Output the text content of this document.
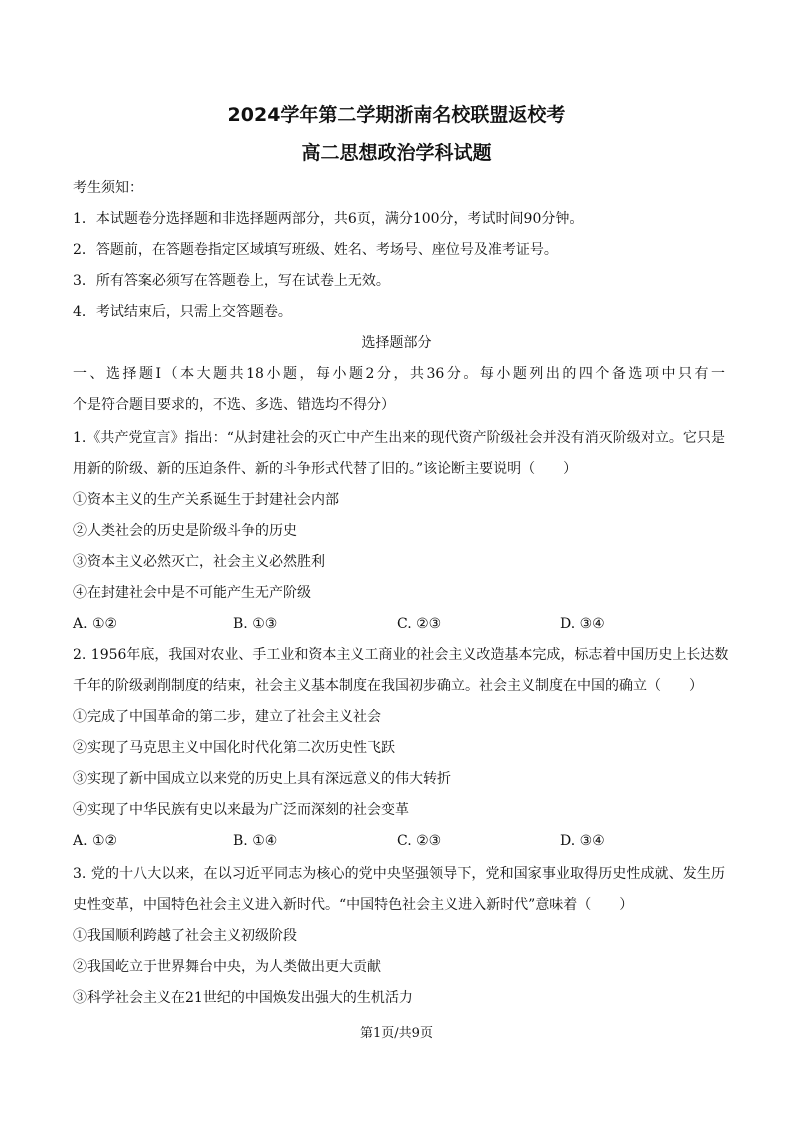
2024学年第二学期浙南名校联盟返校考
高二思想政治学科试题
考生须知：
1．本试题卷分选择题和非选择题两部分，共6页，满分100分，考试时间90分钟。
2．答题前，在答题卷指定区域填写班级、姓名、考场号、座位号及准考证号。
3．所有答案必须写在答题卷上，写在试卷上无效。
4．考试结束后，只需上交答题卷。
选择题部分
一、选择题Ⅰ（本大题共18小题，每小题2分，共36分。每小题列出的四个备选项中只有一
个是符合题目要求的，不选、多选、错选均不得分）
1.《共产党宣言》指出：“从封建社会的灭亡中产生出来的现代资产阶级社会并没有消灭阶级对立。它只是
用新的阶级、新的压迫条件、新的斗争形式代替了旧的。”该论断主要说明（　　）
①资本主义的生产关系诞生于封建社会内部
②人类社会的历史是阶级斗争的历史
③资本主义必然灭亡，社会主义必然胜利
④在封建社会中是不可能产生无产阶级
A. ①②	B. ①③	C. ②③	D. ③④
2. 1956年底，我国对农业、手工业和资本主义工商业的社会主义改造基本完成，标志着中国历史上长达数
千年的阶级剥削制度的结束，社会主义基本制度在我国初步确立。社会主义制度在中国的确立（　　）
①完成了中国革命的第二步，建立了社会主义社会
②实现了马克思主义中国化时代化第二次历史性飞跃
③实现了新中国成立以来党的历史上具有深远意义的伟大转折
④实现了中华民族有史以来最为广泛而深刻的社会变革
A. ①②	B. ①④	C. ②③	D. ③④
3. 党的十八大以来，在以习近平同志为核心的党中央坚强领导下，党和国家事业取得历史性成就、发生历
史性变革，中国特色社会主义进入新时代。“中国特色社会主义进入新时代”意味着（　　）
①我国顺利跨越了社会主义初级阶段
②我国屹立于世界舞台中央，为人类做出更大贡献
③科学社会主义在21世纪的中国焕发出强大的生机活力
第1页/共9页
